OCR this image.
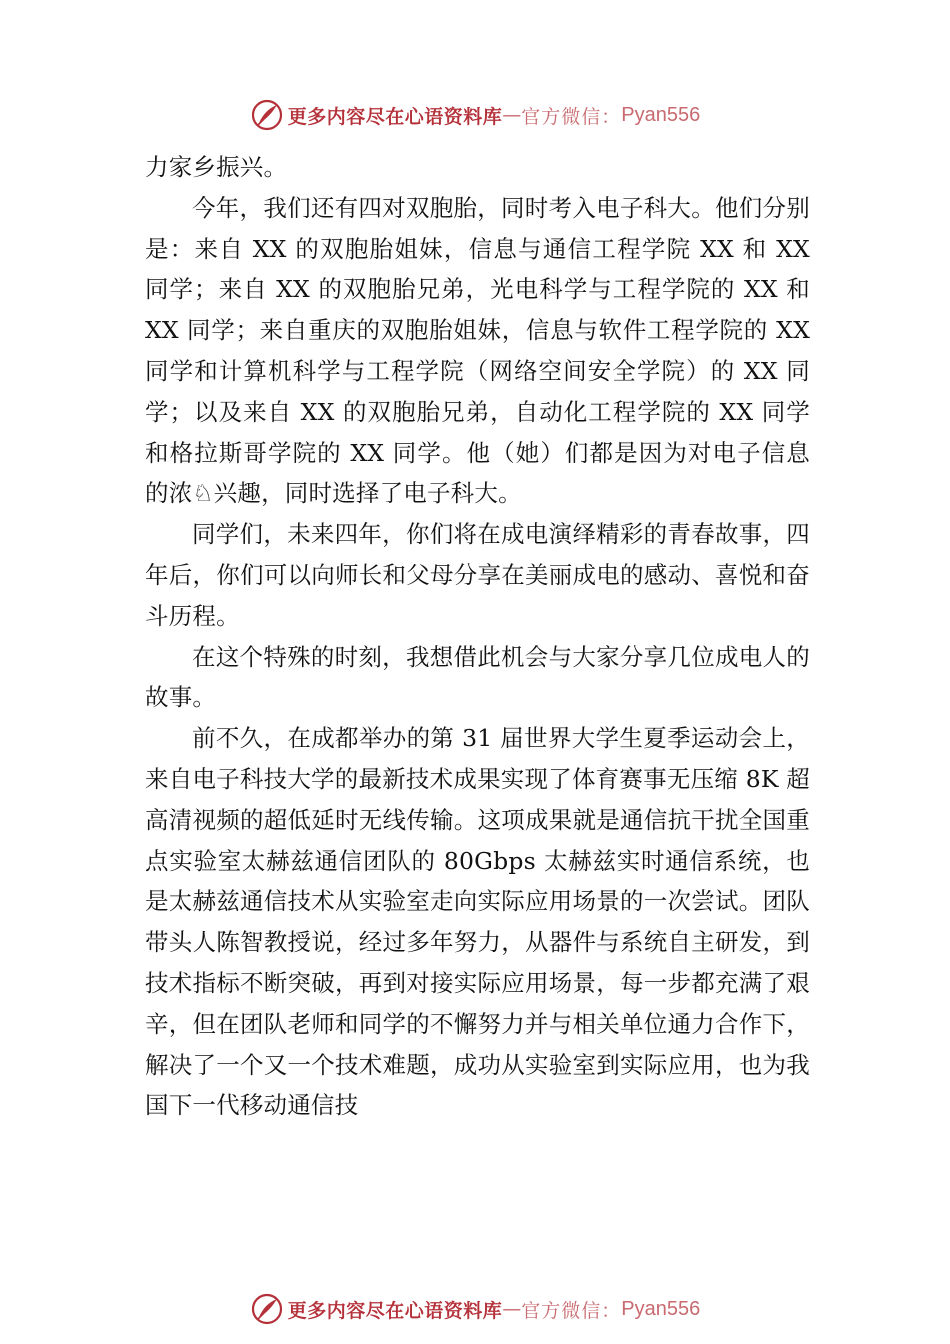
更多内容尽在心语资料库 — 官方微信： Pyan556

力家乡振兴。

今年，我们还有四对双胞胎，同时考入电子科大。他们分别是：来自 XX 的双胞胎姐妹，信息与通信工程学院 XX 和 XX 同学；来自 XX 的双胞胎兄弟，光电科学与工程学院的 XX 和 XX 同学；来自重庆的双胞胎姐妹，信息与软件工程学院的 XX 同学和计算机科学与工程学院（网络空间安全学院）的 XX 同学；以及来自 XX 的双胞胎兄弟，自动化工程学院的 XX 同学和格拉斯哥学院的 XX 同学。他（她）们都是因为对电子信息的浓♘兴趣，同时选择了电子科大。

同学们，未来四年，你们将在成电演绎精彩的青春故事，四年后，你们可以向师长和父母分享在美丽成电的感动、喜悦和奋斗历程。

在这个特殊的时刻，我想借此机会与大家分享几位成电人的故事。

前不久，在成都举办的第 31 届世界大学生夏季运动会上，来自电子科技大学的最新技术成果实现了体育赛事无压缩 8K 超高清视频的超低延时无线传输。这项成果就是通信抗干扰全国重点实验室太赫兹通信团队的 80Gbps 太赫兹实时通信系统，也是太赫兹通信技术从实验室走向实际应用场景的一次尝试。团队带头人陈智教授说，经过多年努力，从器件与系统自主研发，到技术指标不断突破，再到对接实际应用场景，每一步都充满了艰辛，但在团队老师和同学的不懈努力并与相关单位通力合作下，解决了一个又一个技术难题，成功从实验室到实际应用，也为我国下一代移动通信技

更多内容尽在心语资料库 — 官方微信： Pyan556
